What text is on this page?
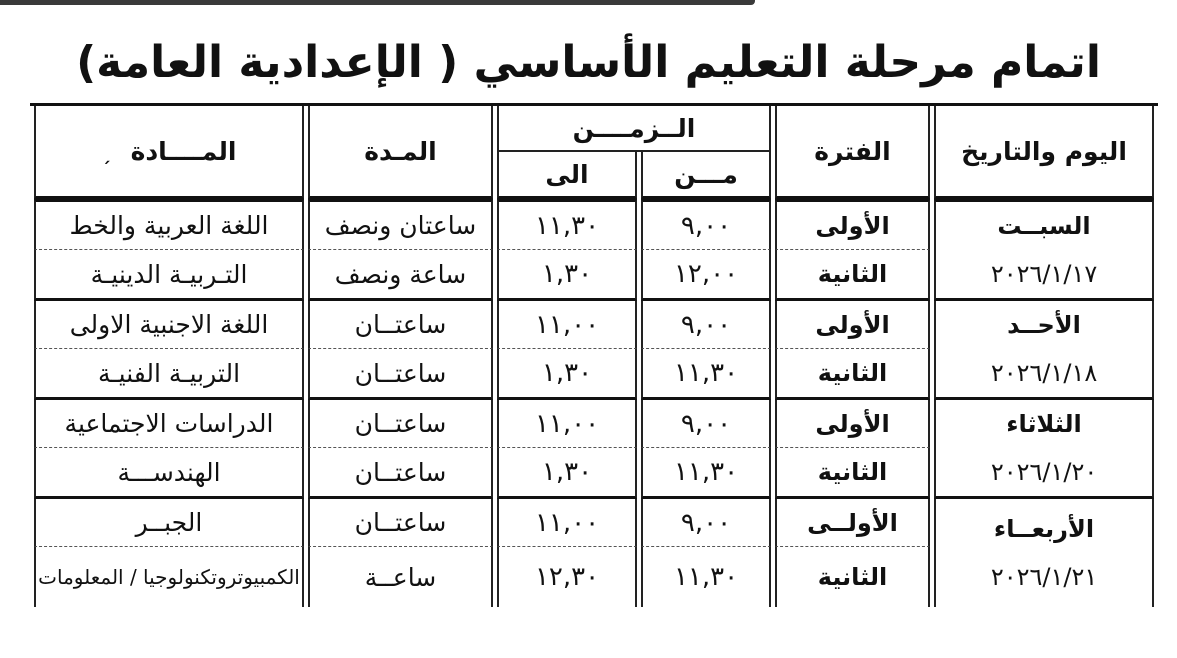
اتمام مرحلة التعليم الأساسي ( الإعدادية العامة)
اليوم والتاريخ	الفترة	الــزمــــن		المـدة	المــــادةˏ
		مـــن	الى		

السبــت
٢٠٢٦/١/١٧	الأولى	٩,٠٠	١١,٣٠	ساعتان ونصف	اللغة العربية والخط
	الثانية	١٢,٠٠	١,٣٠	ساعة ونصف	التـربيـة الدينيـة

الأحــد
٢٠٢٦/١/١٨	الأولى	٩,٠٠	١١,٠٠	ساعتــان	اللغة الاجنبية الاولى
	الثانية	١١,٣٠	١,٣٠	ساعتــان	التربيـة الفنيـة

الثلاثاء
٢٠٢٦/١/٢٠	الأولى	٩,٠٠	١١,٠٠	ساعتــان	الدراسات الاجتماعية
	الثانية	١١,٣٠	١,٣٠	ساعتــان	الهندســـة

الأربعــاء
٢٠٢٦/١/٢١	الأولــى	٩,٠٠	١١,٠٠	ساعتــان	الجبــر
	الثانية	١١,٣٠	١٢,٣٠	ساعــة	الكمبيوتروتكنولوجيا / المعلومات
